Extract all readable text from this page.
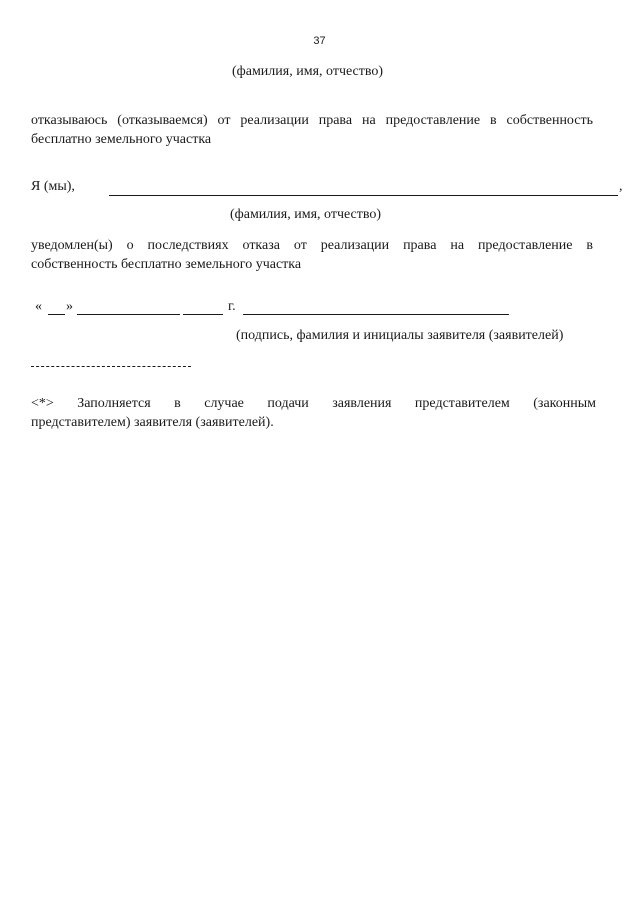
37
(фамилия, имя, отчество)
отказываюсь (отказываемся) от реализации права на предоставление в собственность
бесплатно земельного участка
Я (мы),	,
(фамилия, имя, отчество)
уведомлен(ы) о последствиях отказа от реализации права на предоставление в
собственность бесплатно земельного участка
« »	г.
(подпись, фамилия и инициалы заявителя (заявителей)
<*> Заполняется в случае подачи заявления представителем (законным
представителем) заявителя (заявителей).
